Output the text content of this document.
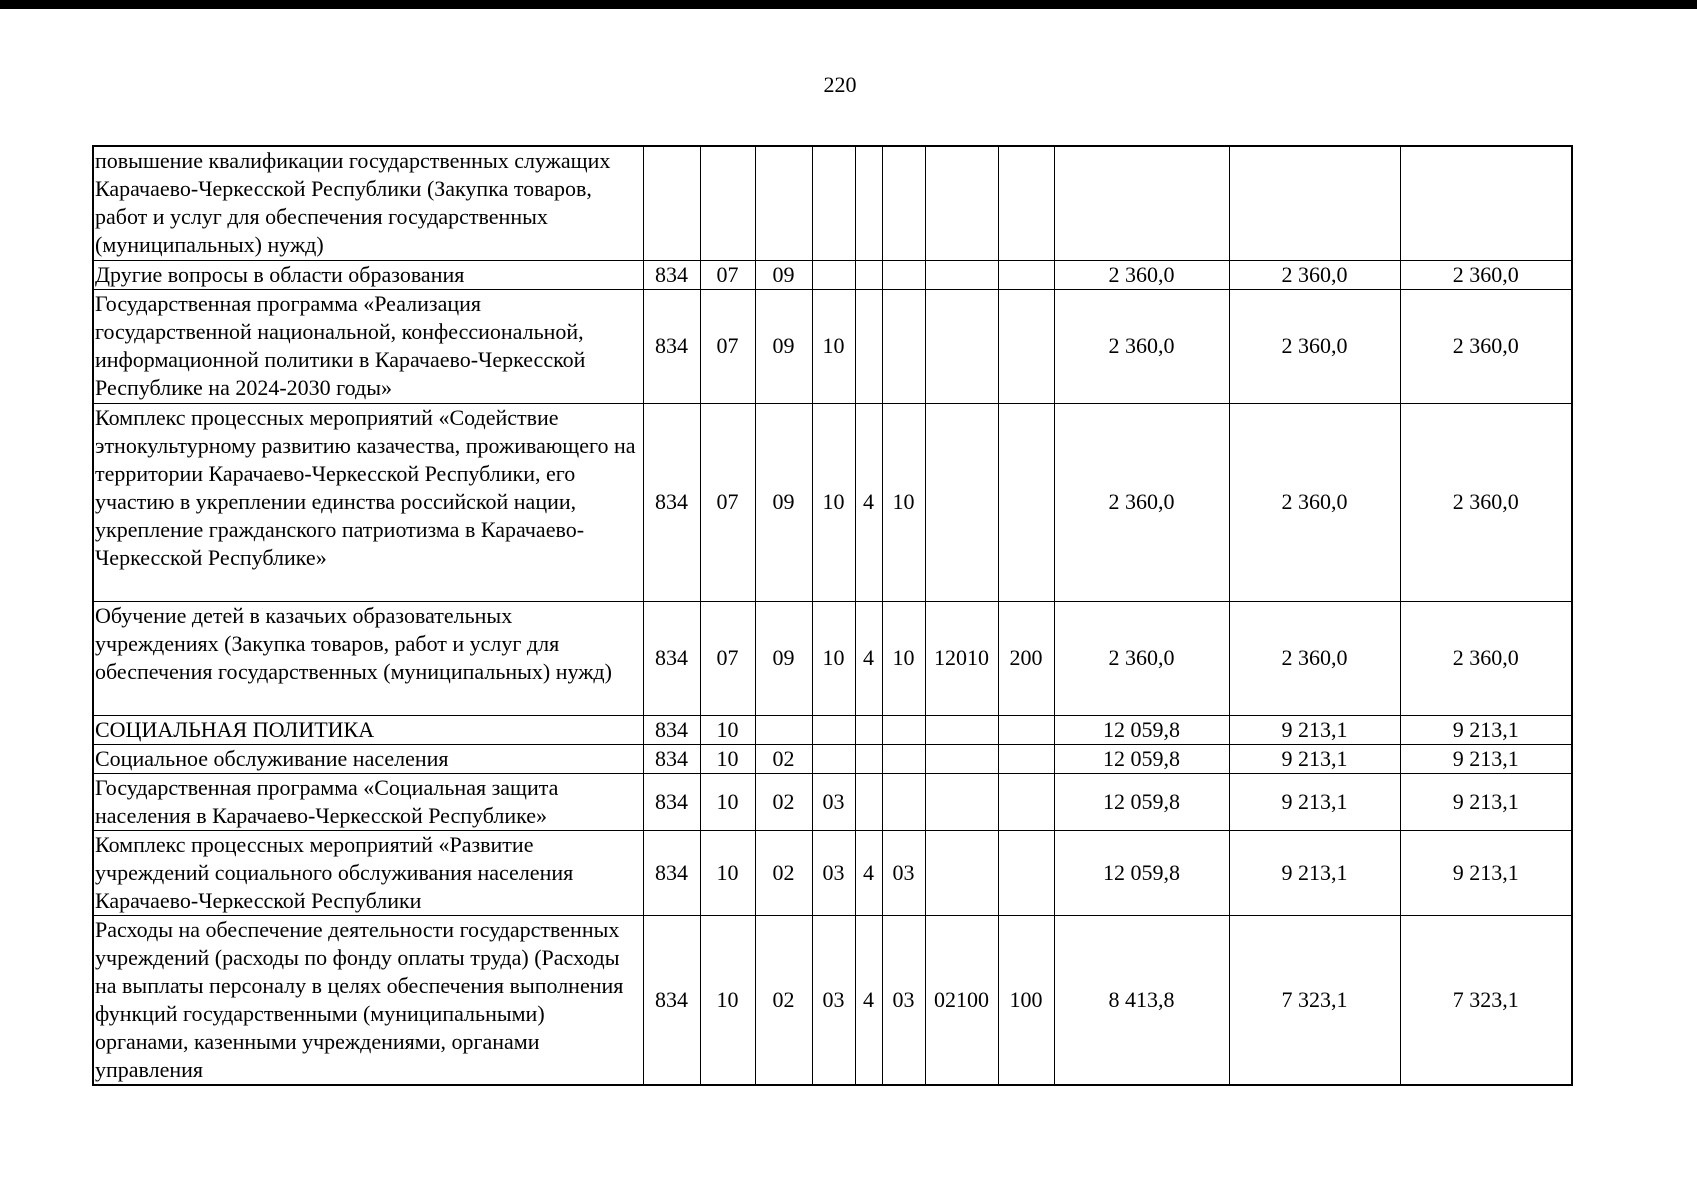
220
повышение квалификации государственных служащих Карачаево-Черкесской Республики (Закупка товаров, работ и услуг для обеспечения государственных (муниципальных) нужд)											
Другие вопросы в области образования	834	07	09						2 360,0	2 360,0	2 360,0
Государственная программа «Реализация государственной национальной, конфессиональной, информационной политики в Карачаево-Черкесской Республике на 2024-2030 годы»	834	07	09	10					2 360,0	2 360,0	2 360,0
Комплекс процессных мероприятий «Содействие этнокультурному развитию казачества, проживающего на территории Карачаево-Черкесской Республики, его участию в укреплении единства российской нации, укрепление гражданского патриотизма в Карачаево-Черкесской Республике»	834	07	09	10	4	10			2 360,0	2 360,0	2 360,0
Обучение детей в казачьих образовательных учреждениях (Закупка товаров, работ и услуг для обеспечения государственных (муниципальных) нужд)	834	07	09	10	4	10	12010	200	2 360,0	2 360,0	2 360,0
СОЦИАЛЬНАЯ ПОЛИТИКА	834	10							12 059,8	9 213,1	9 213,1
Социальное обслуживание населения	834	10	02						12 059,8	9 213,1	9 213,1
Государственная программа «Социальная защита населения в Карачаево-Черкесской Республике»	834	10	02	03					12 059,8	9 213,1	9 213,1
Комплекс процессных мероприятий «Развитие учреждений социального обслуживания населения Карачаево-Черкесской Республики	834	10	02	03	4	03			12 059,8	9 213,1	9 213,1
Расходы на обеспечение деятельности государственных учреждений (расходы по фонду оплаты труда) (Расходы на выплаты персоналу в целях обеспечения выполнения функций государственными (муниципальными) органами, казенными учреждениями, органами управления	834	10	02	03	4	03	02100	100	8 413,8	7 323,1	7 323,1
